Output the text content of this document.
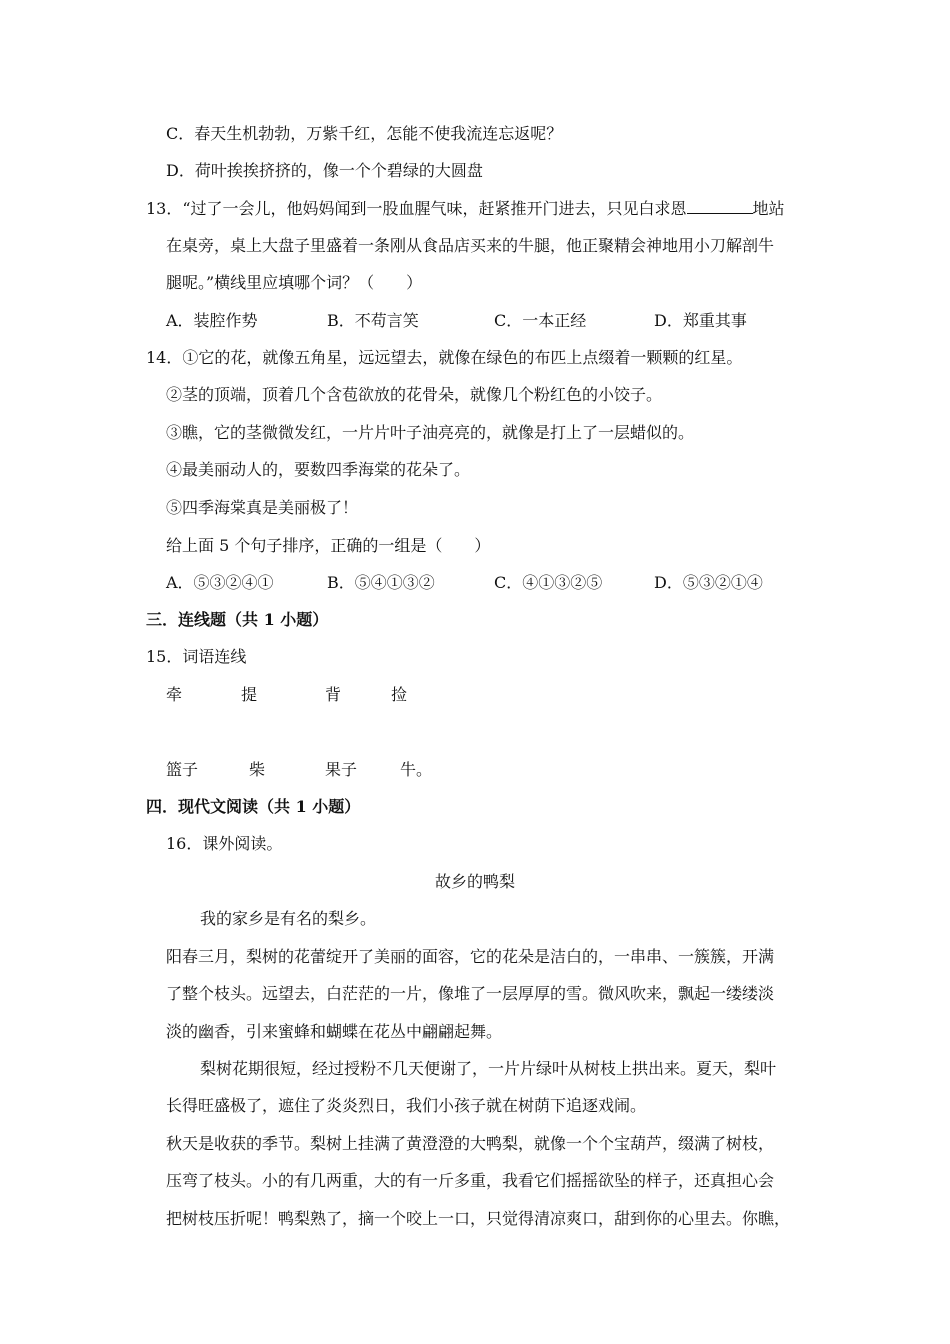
C．春天生机勃勃，万紫千红，怎能不使我流连忘返呢？
D．荷叶挨挨挤挤的，像一个个碧绿的大圆盘
13．“过了一会儿，他妈妈闻到一股血腥气味，赶紧推开门进去，只见白求恩	地站
在桌旁，桌上大盘子里盛着一条刚从食品店买来的牛腿，他正聚精会神地用小刀解剖牛
腿呢。”横线里应填哪个词？（　　）
A．装腔作势	B．不苟言笑	C．一本正经	D．郑重其事
14．①它的花，就像五角星，远远望去，就像在绿色的布匹上点缀着一颗颗的红星。
②茎的顶端，顶着几个含苞欲放的花骨朵，就像几个粉红色的小饺子。
③瞧，它的茎微微发红，一片片叶子油亮亮的，就像是打上了一层蜡似的。
④最美丽动人的，要数四季海棠的花朵了。
⑤四季海棠真是美丽极了！
给上面 5 个句子排序，正确的一组是（　　）
A．⑤③②④①	B．⑤④①③②	C．④①③②⑤	D．⑤③②①④
三．连线题（共 1 小题）
15．词语连线
牵	提	背	捡
篮子	柴	果子	牛。
四．现代文阅读（共 1 小题）
16．课外阅读。
故乡的鸭梨
我的家乡是有名的梨乡。
阳春三月，梨树的花蕾绽开了美丽的面容，它的花朵是洁白的，一串串、一簇簇，开满
了整个枝头。远望去，白茫茫的一片，像堆了一层厚厚的雪。微风吹来，飘起一缕缕淡
淡的幽香，引来蜜蜂和蝴蝶在花丛中翩翩起舞。
梨树花期很短，经过授粉不几天便谢了，一片片绿叶从树枝上拱出来。夏天，梨叶
长得旺盛极了，遮住了炎炎烈日，我们小孩子就在树荫下追逐戏闹。
秋天是收获的季节。梨树上挂满了黄澄澄的大鸭梨，就像一个个宝葫芦，缀满了树枝，
压弯了枝头。小的有几两重，大的有一斤多重，我看它们摇摇欲坠的样子，还真担心会
把树枝压折呢！鸭梨熟了，摘一个咬上一口，只觉得清凉爽口，甜到你的心里去。你瞧，
